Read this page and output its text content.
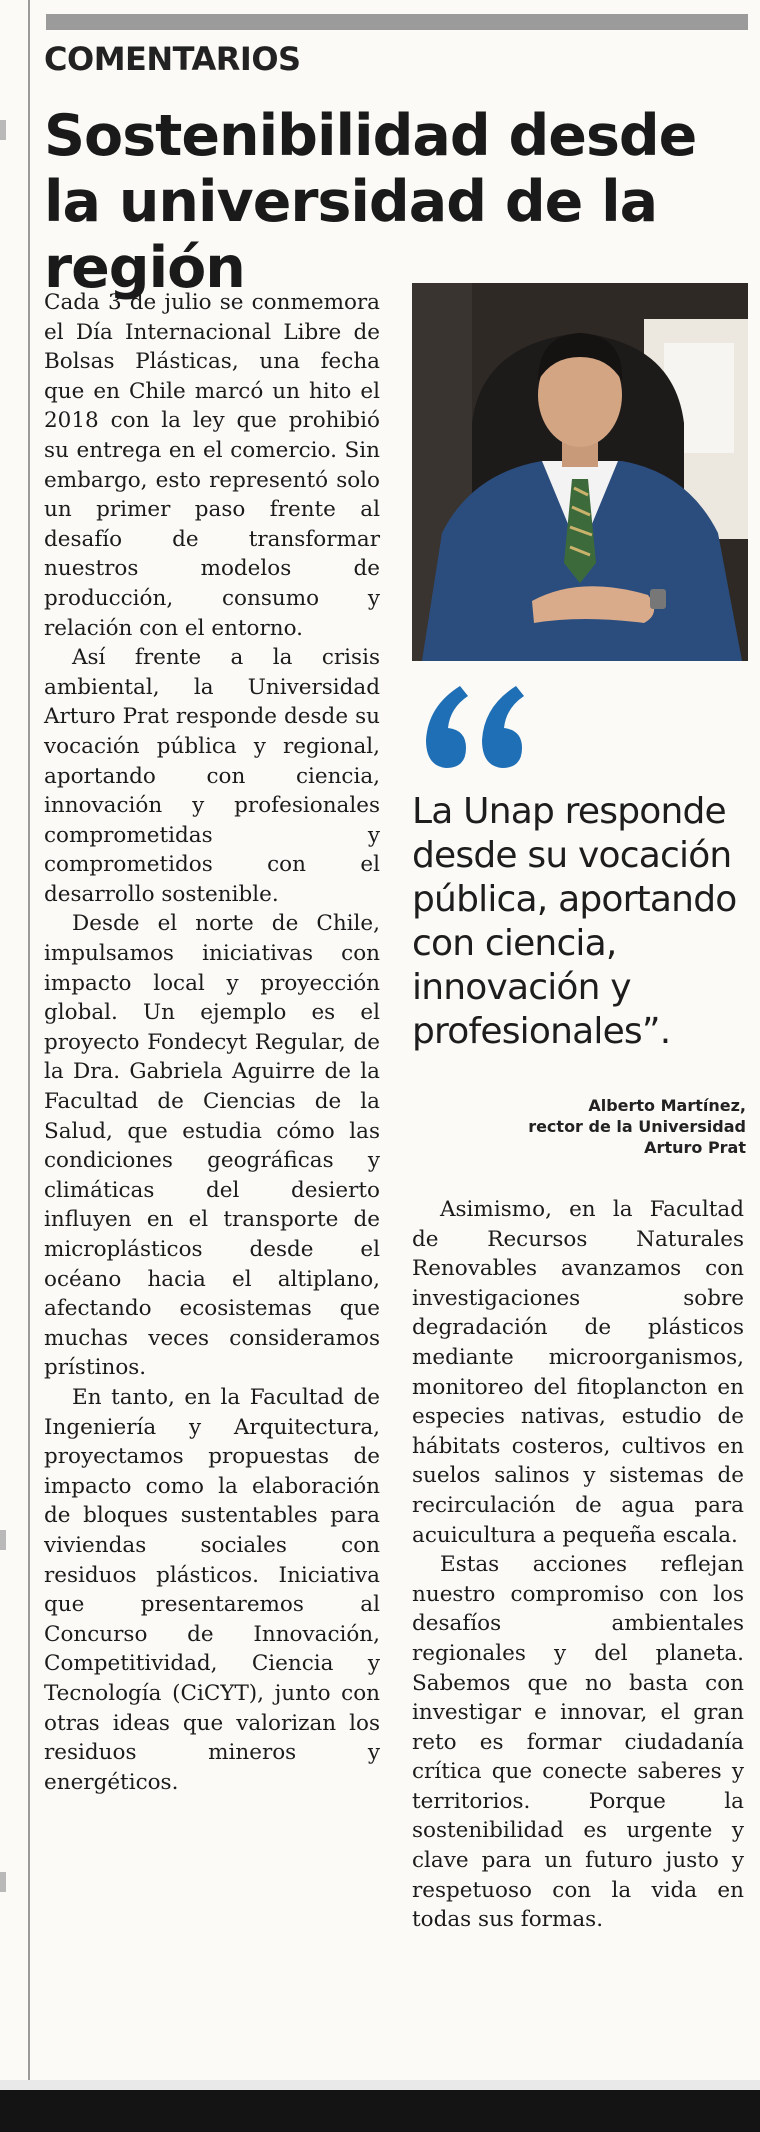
COMENTARIOS
Sostenibilidad desde la universidad de la región

Cada 3 de julio se conmemora el Día Internacional Libre de Bolsas Plásticas, una fecha que en Chile marcó un hito el 2018 con la ley que prohibió su entrega en el comercio. Sin embargo, esto representó solo un primer paso frente al desafío de transformar nuestros modelos de producción, consumo y relación con el entorno.

Así frente a la crisis ambiental, la Universidad Arturo Prat responde desde su vocación pública y regional, aportando con ciencia, innovación y profesionales comprometidas y comprometidos con el desarrollo sostenible.

Desde el norte de Chile, impulsamos iniciativas con impacto local y proyección global. Un ejemplo es el proyecto Fondecyt Regular, de la Dra. Gabriela Aguirre de la Facultad de Ciencias de la Salud, que estudia cómo las condiciones geográficas y climáticas del desierto influyen en el transporte de microplásticos desde el océano hacia el altiplano, afectando ecosistemas que muchas veces consideramos prístinos.

En tanto, en la Facultad de Ingeniería y Arquitectura, proyectamos propuestas de impacto como la elaboración de bloques sustentables para viviendas sociales con residuos plásticos. Iniciativa que presentaremos al Concurso de Innovación, Competitividad, Ciencia y Tecnología (CiCYT), junto con otras ideas que valorizan los residuos mineros y energéticos.

La Unap responde desde su vocación pública, aportando con ciencia, innovación y profesionales”.

Alberto Martínez,
rector de la Universidad
Arturo Prat

Asimismo, en la Facultad de Recursos Naturales Renovables avanzamos con investigaciones sobre degradación de plásticos mediante microorganismos, monitoreo del fitoplancton en especies nativas, estudio de hábitats costeros, cultivos en suelos salinos y sistemas de recirculación de agua para acuicultura a pequeña escala.

Estas acciones reflejan nuestro compromiso con los desafíos ambientales regionales y del planeta. Sabemos que no basta con investigar e innovar, el gran reto es formar ciudadanía crítica que conecte saberes y territorios. Porque la sostenibilidad es urgente y clave para un futuro justo y respetuoso con la vida en todas sus formas.
